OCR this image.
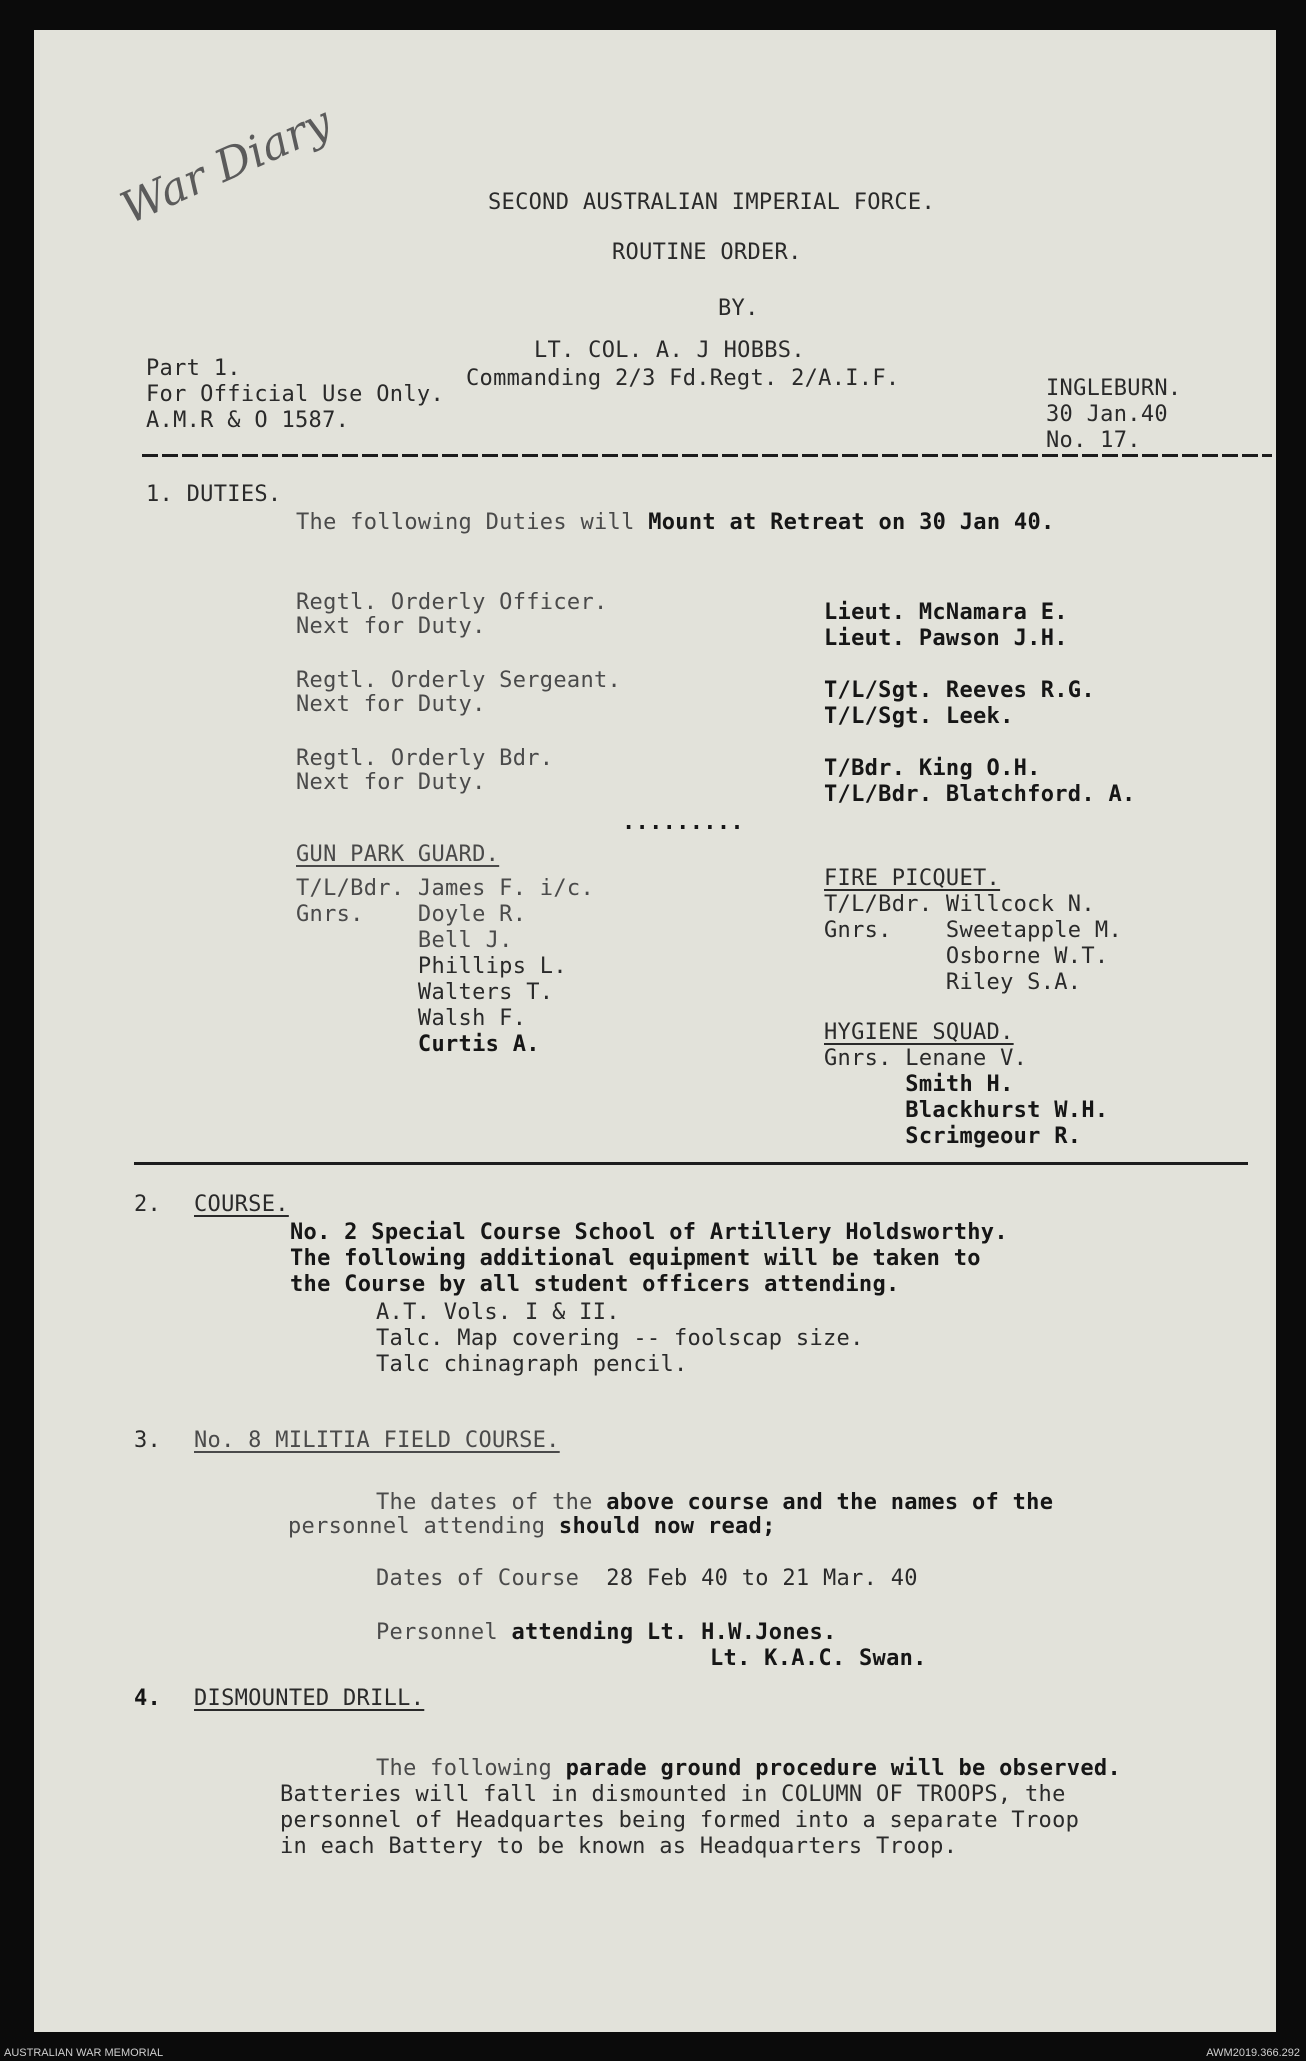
War Diary	SECOND AUSTRALIAN IMPERIAL FORCE.
ROUTINE ORDER.
BY.
LT. COL. A. J HOBBS.
Commanding 2/3 Fd.Regt. 2/A.I.F.
Part 1.
For Official Use Only.
A.M.R & O 1587.
INGLEBURN.
30 Jan.40
No. 17.
1. DUTIES.
The following Duties will Mount at Retreat on 30 Jan 40.
Regtl. Orderly Officer.
Next for Duty.
Regtl. Orderly Sergeant.
Next for Duty.
Regtl. Orderly Bdr.
Next for Duty.
Lieut. McNamara E.
Lieut. Pawson J.H.
T/L/Sgt. Reeves R.G.
T/L/Sgt. Leek.
T/Bdr. King O.H.
T/L/Bdr. Blatchford. A.
.........
GUN PARK GUARD.
T/L/Bdr. James F. i/c.
Gnrs.    Doyle R.
Bell J.
Phillips L.
Walters T.
Walsh F.
Curtis A.
FIRE PICQUET.
T/L/Bdr. Willcock N.
Gnrs.    Sweetapple M.
Osborne W.T.
Riley S.A.
HYGIENE SQUAD.
Gnrs. Lenane V.
Smith H.
Blackhurst W.H.
Scrimgeour R.
2. COURSE.
No. 2 Special Course School of Artillery Holdsworthy.
The following additional equipment will be taken to
the Course by all student officers attending.
A.T. Vols. I & II.
Talc. Map covering -- foolscap size.
Talc chinagraph pencil.
3. No. 8 MILITIA FIELD COURSE.
The dates of the above course and the names of the
personnel attending should now read;
Dates of Course 28 Feb 40 to 21 Mar. 40
Personnel attending Lt. H.W.Jones.
Lt. K.A.C. Swan.
4. DISMOUNTED DRILL.
The following parade ground procedure will be observed.
Batteries will fall in dismounted in COLUMN OF TROOPS, the
personnel of Headquartes being formed into a separate Troop
in each Battery to be known as Headquarters Troop.
AUSTRALIAN WAR MEMORIAL	AWM2019.366.292
